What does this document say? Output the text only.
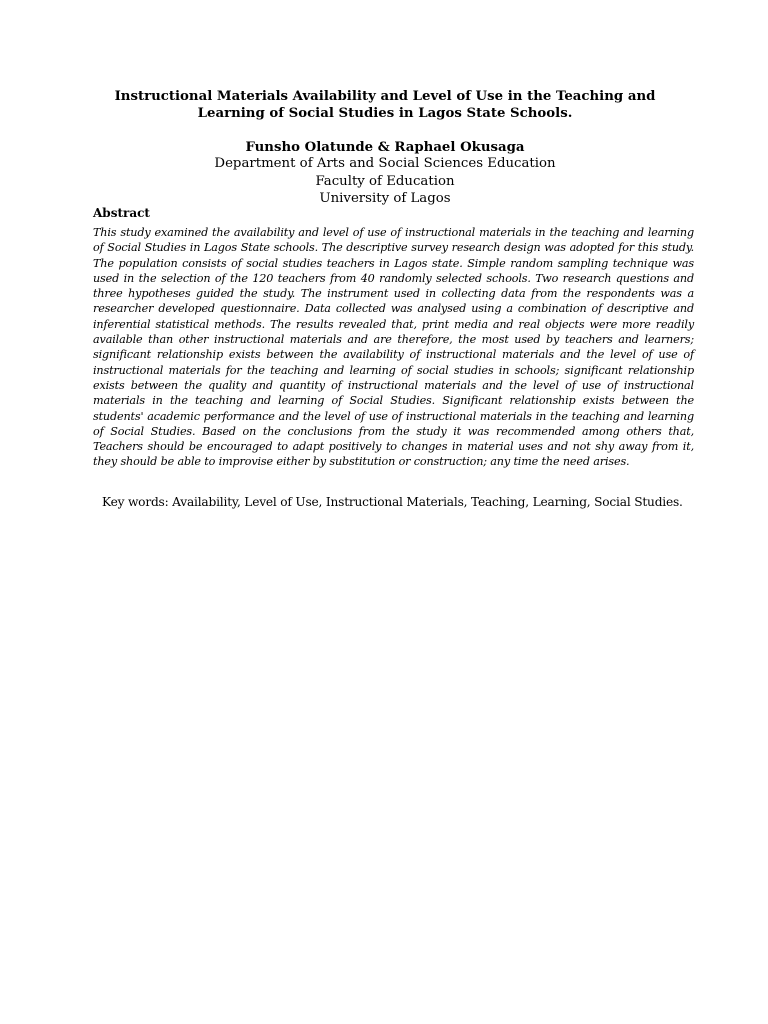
Instructional Materials Availability and Level of Use in the Teaching and Learning of Social Studies in Lagos State Schools.
Funsho Olatunde & Raphael Okusaga
Department of Arts and Social Sciences Education
Faculty of Education
University of Lagos
Abstract
This study examined the availability and level of use of instructional materials in the teaching and learning of Social Studies in Lagos State schools. The descriptive survey research design was adopted for this study. The population consists of social studies teachers in Lagos state. Simple random sampling technique was used in the selection of the 120 teachers from 40 randomly selected schools. Two research questions and three hypotheses guided the study. The instrument used in collecting data from the respondents was a researcher developed questionnaire. Data collected was analysed using a combination of descriptive and inferential statistical methods. The results revealed that, print media and real objects were more readily available than other instructional materials and are therefore, the most used by teachers and learners; significant relationship exists between the availability of instructional materials and the level of use of instructional materials for the teaching and learning of social studies in schools; significant relationship exists between the quality and quantity of instructional materials and the level of use of instructional materials in the teaching and learning of Social Studies. Significant relationship exists between the students' academic performance and the level of use of instructional materials in the teaching and learning of Social Studies. Based on the conclusions from the study it was recommended among others that, Teachers should be encouraged to adapt positively to changes in material uses and not shy away from it, they should be able to improvise either by substitution or construction; any time the need arises.
Key words: Availability, Level of Use, Instructional Materials, Teaching, Learning, Social Studies.
